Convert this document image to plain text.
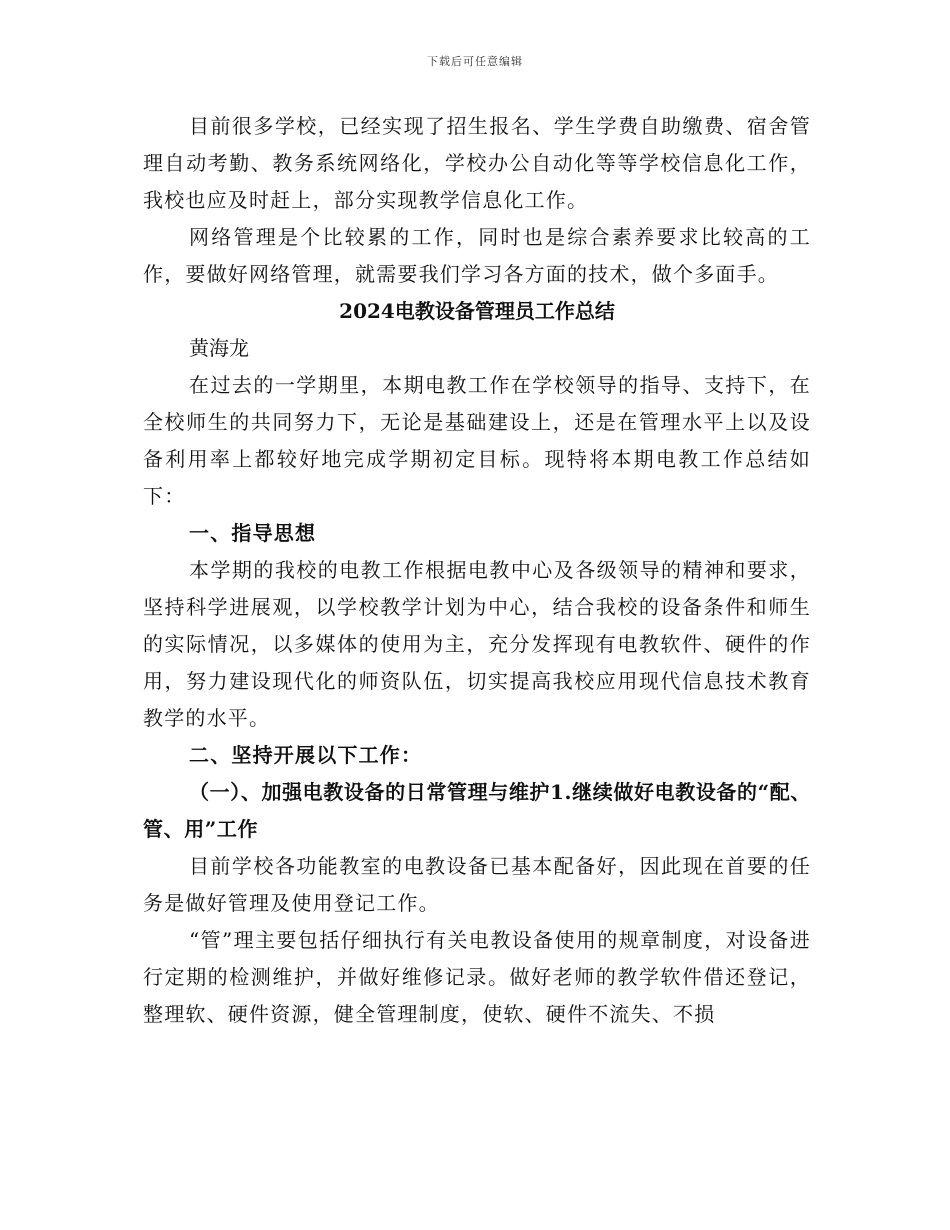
下载后可任意编辑

目前很多学校，已经实现了招生报名、学生学费自助缴费、宿舍管理自动考勤、教务系统网络化，学校办公自动化等等学校信息化工作，我校也应及时赶上，部分实现教学信息化工作。

网络管理是个比较累的工作，同时也是综合素养要求比较高的工作，要做好网络管理，就需要我们学习各方面的技术，做个多面手。

2024电教设备管理员工作总结

黄海龙

在过去的一学期里，本期电教工作在学校领导的指导、支持下，在全校师生的共同努力下，无论是基础建设上，还是在管理水平上以及设备利用率上都较好地完成学期初定目标。现特将本期电教工作总结如下：

一、指导思想

本学期的我校的电教工作根据电教中心及各级领导的精神和要求，坚持科学进展观，以学校教学计划为中心，结合我校的设备条件和师生的实际情况，以多媒体的使用为主，充分发挥现有电教软件、硬件的作用，努力建设现代化的师资队伍，切实提高我校应用现代信息技术教育教学的水平。

二、坚持开展以下工作：

（一）、加强电教设备的日常管理与维护1.继续做好电教设备的“配、管、用”工作

目前学校各功能教室的电教设备已基本配备好，因此现在首要的任务是做好管理及使用登记工作。

“管”理主要包括仔细执行有关电教设备使用的规章制度，对设备进行定期的检测维护，并做好维修记录。做好老师的教学软件借还登记，整理软、硬件资源，健全管理制度，使软、硬件不流失、不损
